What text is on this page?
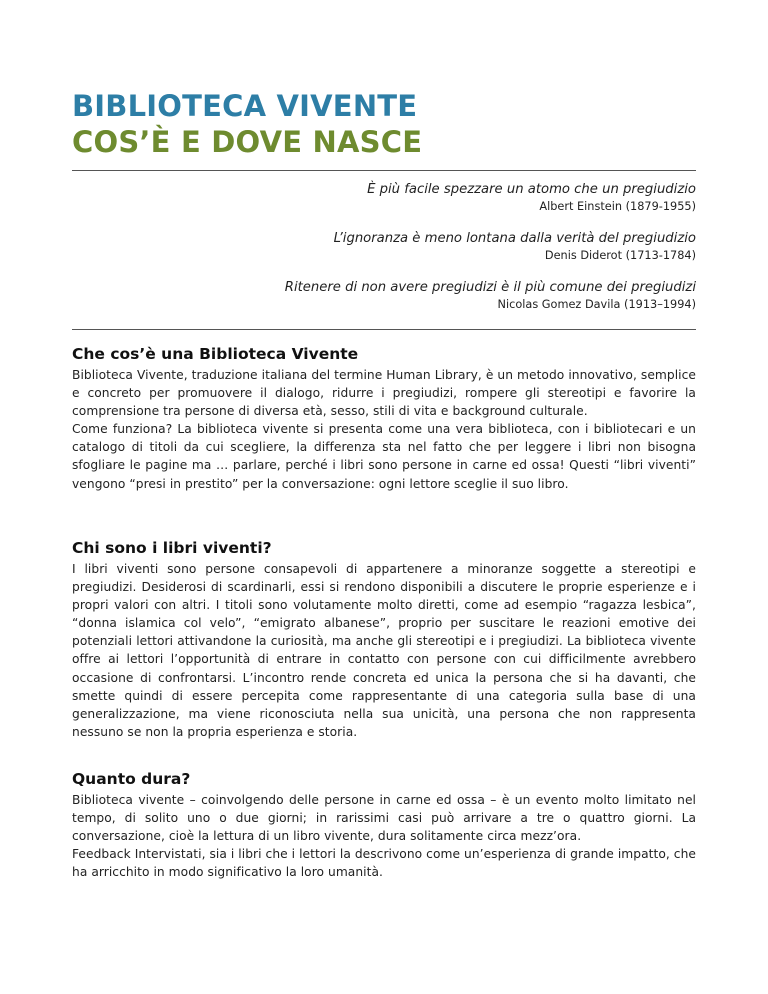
BIBLIOTECA VIVENTE
COS’È E DOVE NASCE
È più facile spezzare un atomo che un pregiudizio
Albert Einstein (1879-1955)
L’ignoranza è meno lontana dalla verità del pregiudizio
Denis Diderot (1713-1784)
Ritenere di non avere pregiudizi è il più comune dei pregiudizi
Nicolas Gomez Davila (1913–1994)
Che cos’è una Biblioteca Vivente

Biblioteca Vivente, traduzione italiana del termine Human Library, è un metodo innovativo, semplice e concreto per promuovere il dialogo, ridurre i pregiudizi, rompere gli stereotipi e favorire la comprensione tra persone di diversa età, sesso, stili di vita e background culturale.

Come funziona? La biblioteca vivente si presenta come una vera biblioteca, con i bibliotecari e un catalogo di titoli da cui scegliere, la differenza sta nel fatto che per leggere i libri non bisogna sfogliare le pagine ma … parlare, perché i libri sono persone in carne ed ossa! Questi “libri viventi” vengono “presi in prestito” per la conversazione: ogni lettore sceglie il suo libro.

Chi sono i libri viventi?

I libri viventi sono persone consapevoli di appartenere a minoranze soggette a stereotipi e pregiudizi. Desiderosi di scardinarli, essi si rendono disponibili a discutere le proprie esperienze e i propri valori con altri. I titoli sono volutamente molto diretti, come ad esempio “ragazza lesbica”, “donna islamica col velo”, “emigrato albanese”, proprio per suscitare le reazioni emotive dei potenziali lettori attivandone la curiosità, ma anche gli stereotipi e i pregiudizi. La biblioteca vivente offre ai lettori l’opportunità di entrare in contatto con persone con cui difficilmente avrebbero occasione di confrontarsi. L’incontro rende concreta ed unica la persona che si ha davanti, che smette quindi di essere percepita come rappresentante di una categoria sulla base di una generalizzazione, ma viene riconosciuta nella sua unicità, una persona che non rappresenta nessuno se non la propria esperienza e storia.

Quanto dura?

Biblioteca vivente – coinvolgendo delle persone in carne ed ossa – è un evento molto limitato nel tempo, di solito uno o due giorni; in rarissimi casi può arrivare a tre o quattro giorni. La conversazione, cioè la lettura di un libro vivente, dura solitamente circa mezz’ora.

Feedback Intervistati, sia i libri che i lettori la descrivono come un’esperienza di grande impatto, che ha arricchito in modo significativo la loro umanità.
